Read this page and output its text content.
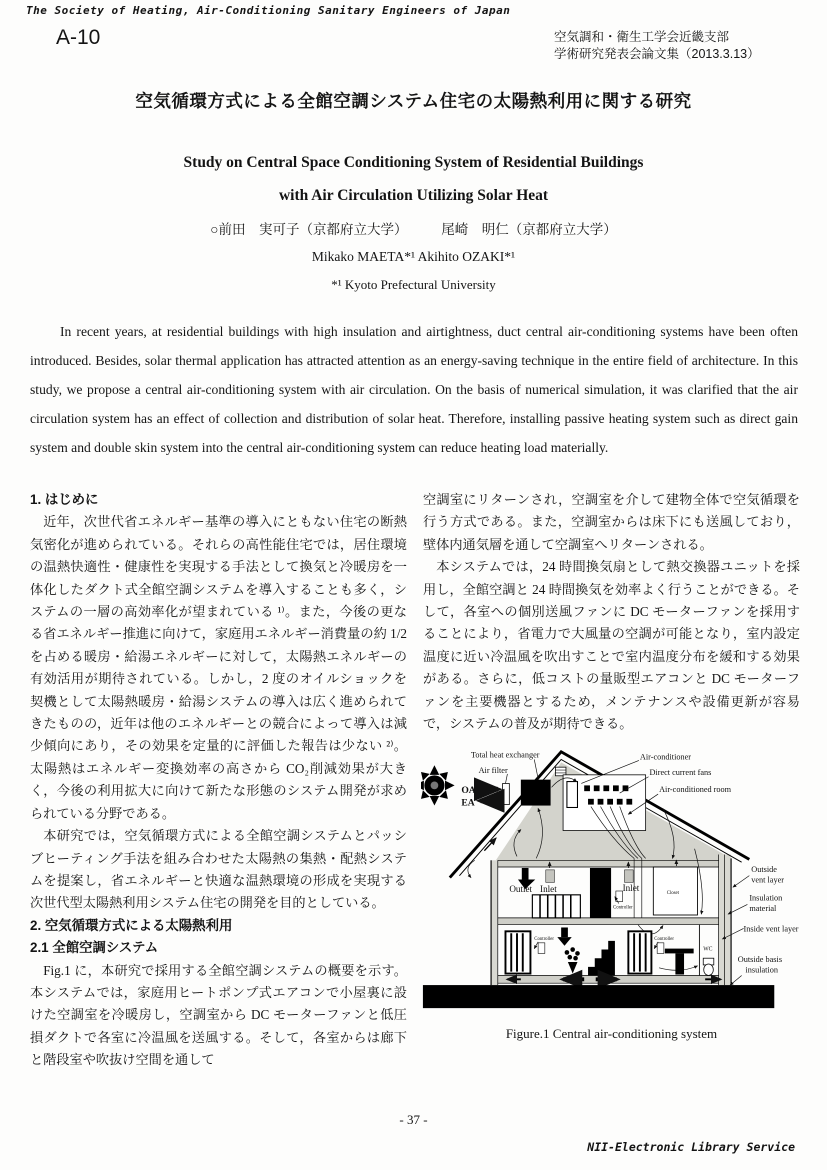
The Society of Heating, Air-Conditioning Sanitary Engineers of Japan
A-10	空気調和・衛生工学会近畿支部
学術研究発表会論文集（2013.3.13）
空気循環方式による全館空調システム住宅の太陽熱利用に関する研究
Study on Central Space Conditioning System of Residential Buildings
with Air Circulation Utilizing Solar Heat
○前田　実可子（京都府立大学）　　　尾崎　明仁（京都府立大学）
Mikako MAETA*¹ Akihito OZAKI*¹
*¹ Kyoto Prefectural University
In recent years, at residential buildings with high insulation and airtightness, duct central air-conditioning systems have been often introduced. Besides, solar thermal application has attracted attention as an energy-saving technique in the entire field of architecture. In this study, we propose a central air-conditioning system with air circulation. On the basis of numerical simulation, it was clarified that the air circulation system has an effect of collection and distribution of solar heat. Therefore, installing passive heating system such as direct gain system and double skin system into the central air-conditioning system can reduce heating load materially.
1. はじめに

近年，次世代省エネルギー基準の導入にともない住宅の断熱気密化が進められている。それらの高性能住宅では，居住環境の温熱快適性・健康性を実現する手法として換気と冷暖房を一体化したダクト式全館空調システムを導入することも多く，システムの一層の高効率化が望まれている ¹⁾。また，今後の更なる省エネルギー推進に向けて，家庭用エネルギー消費量の約 1/2 を占める暖房・給湯エネルギーに対して，太陽熱エネルギーの有効活用が期待されている。しかし，2 度のオイルショックを契機として太陽熱暖房・給湯システムの導入は広く進められてきたものの，近年は他のエネルギーとの競合によって導入は減少傾向にあり，その効果を定量的に評価した報告は少ない ²⁾。太陽熱はエネルギー変換効率の高さから CO₂削減効果が大きく，今後の利用拡大に向けて新たな形態のシステム開発が求められている分野である。

本研究では，空気循環方式による全館空調システムとパッシブヒーティング手法を組み合わせた太陽熱の集熱・配熱システムを提案し，省エネルギーと快適な温熱環境の形成を実現する次世代型太陽熱利用システム住宅の開発を目的としている。

2. 空気循環方式による太陽熱利用
2.1 全館空調システム

Fig.1 に，本研究で採用する全館空調システムの概要を示す。本システムでは，家庭用ヒートポンプ式エアコンで小屋裏に設けた空調室を冷暖房し，空調室から DC モーターファンと低圧損ダクトで各室に冷温風を送風する。そして，各室からは廊下と階段室や吹抜け空間を通して

空調室にリターンされ，空調室を介して建物全体で空気循環を行う方式である。また，空調室からは床下にも送風しており，壁体内通気層を通して空調室へリターンされる。

本システムでは，24 時間換気扇として熱交換器ユニットを採用し，全館空調と 24 時間換気を効率よく行うことができる。そして，各室への個別送風ファンに DC モーターファンを採用することにより，省電力で大風量の空調が可能となり，室内設定温度に近い冷温風を吹出すことで室内温度分布を緩和する効果がある。さらに，低コストの量販型エアコンと DC モーターファンを主要機器とするため，メンテナンスや設備更新が容易で，システムの普及が期待できる。

Total heat exchanger
Air filter
OA
EA
Air-conditioner
Direct current fans
Air-conditioned room
Outside
vent layer
Insulation
material
Inside vent layer
Outside basis
insulation
Outlet Inlet	Inlet
Closet
Controller
Controller	Controller
WC
Figure.1 Central air-conditioning system
- 37 -
NII-Electronic Library Service
